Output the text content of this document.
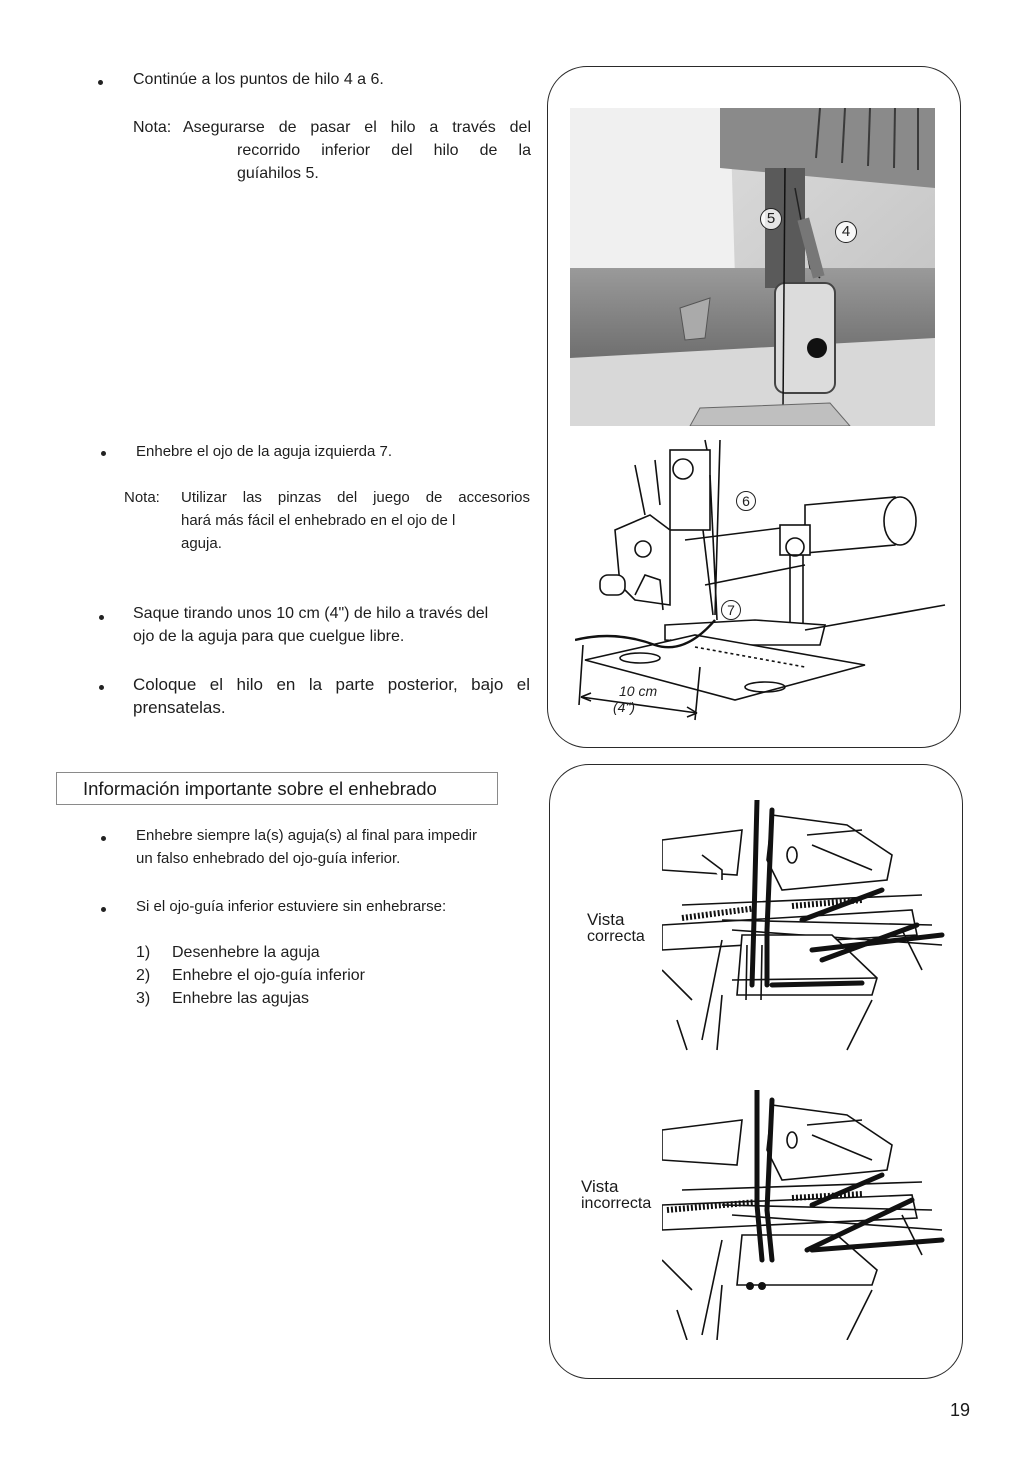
Continúe a los puntos de hilo 4 a 6.
Nota: Asegurarse de pasar el hilo a través del
recorrido inferior del hilo de la
guíahilos 5.
Enhebre el ojo de la aguja izquierda 7.
Nota: Utilizar las pinzas del juego de accesorios
hará más fácil el enhebrado en el ojo de l
aguja.
Saque tirando unos 10 cm (4") de hilo a través del
ojo de la aguja para que cuelgue libre.
Coloque el hilo en la parte posterior, bajo el
prensatelas.
Información importante sobre el enhebrado
Enhebre siempre la(s) aguja(s) al final para impedir
un falso enhebrado del ojo-guía inferior.
Si el ojo-guía inferior estuviere sin enhebrarse:
1) Desenhebre la aguja
2) Enhebre el ojo-guía inferior
3) Enhebre las agujas
5
4
6
7
10 cm
(4")
Vista
correcta
Vista
incorrecta
19
